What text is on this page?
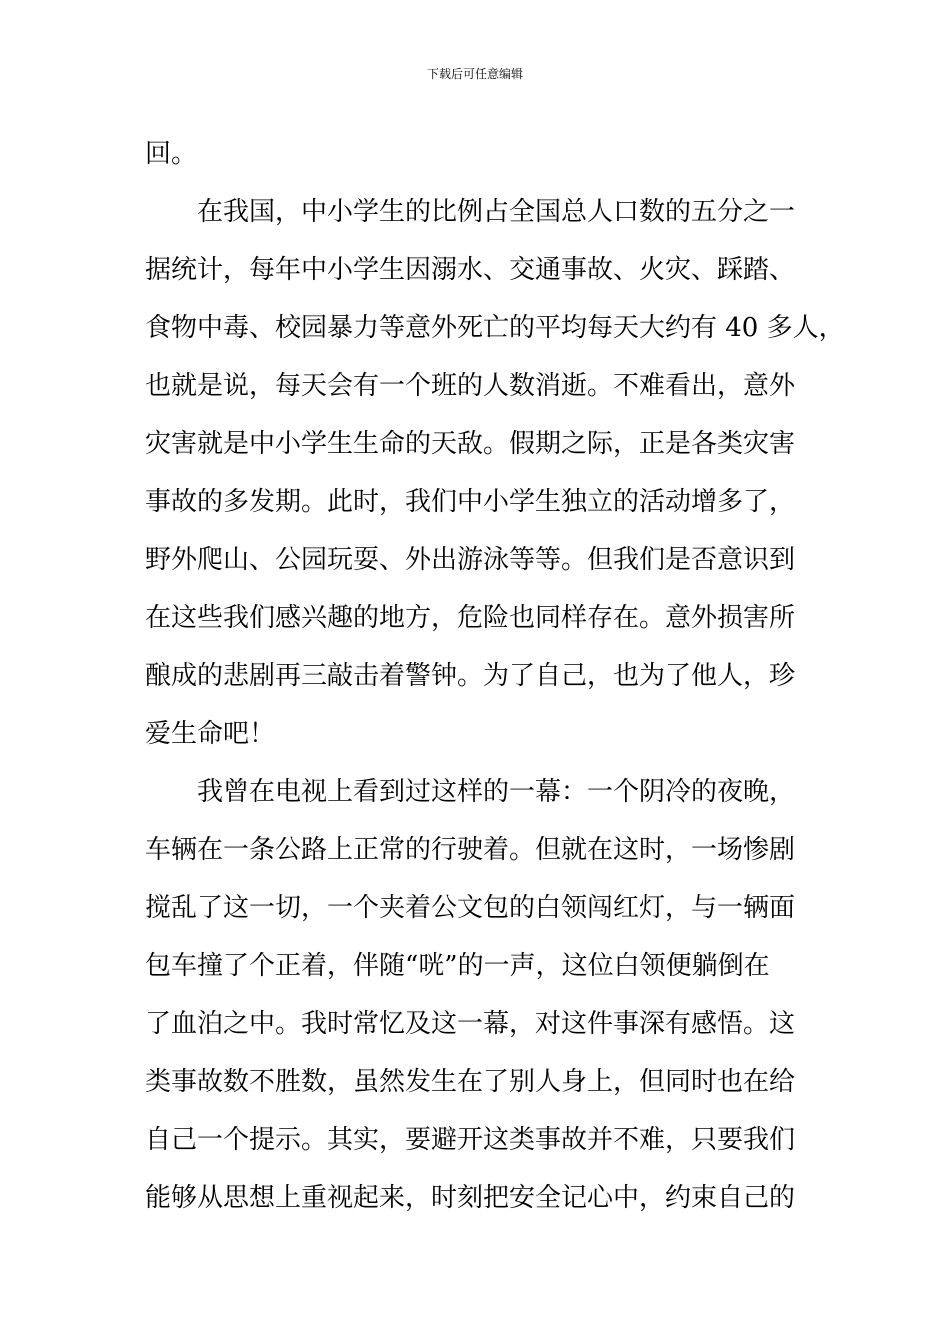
下载后可任意编辑
回。
在我国，中小学生的比例占全国总人口数的五分之一
据统计，每年中小学生因溺水、交通事故、火灾、踩踏、
食物中毒、校园暴力等意外死亡的平均每天大约有 40 多人，
也就是说，每天会有一个班的人数消逝。不难看出，意外
灾害就是中小学生生命的天敌。假期之际，正是各类灾害
事故的多发期。此时，我们中小学生独立的活动增多了，
野外爬山、公园玩耍、外出游泳等等。但我们是否意识到
在这些我们感兴趣的地方，危险也同样存在。意外损害所
酿成的悲剧再三敲击着警钟。为了自己，也为了他人，珍
爱生命吧！
我曾在电视上看到过这样的一幕：一个阴冷的夜晚，
车辆在一条公路上正常的行驶着。但就在这时，一场惨剧
搅乱了这一切，一个夹着公文包的白领闯红灯，与一辆面
包车撞了个正着，伴随“咣”的一声，这位白领便躺倒在
了血泊之中。我时常忆及这一幕，对这件事深有感悟。这
类事故数不胜数，虽然发生在了别人身上，但同时也在给
自己一个提示。其实，要避开这类事故并不难，只要我们
能够从思想上重视起来，时刻把安全记心中，约束自己的
